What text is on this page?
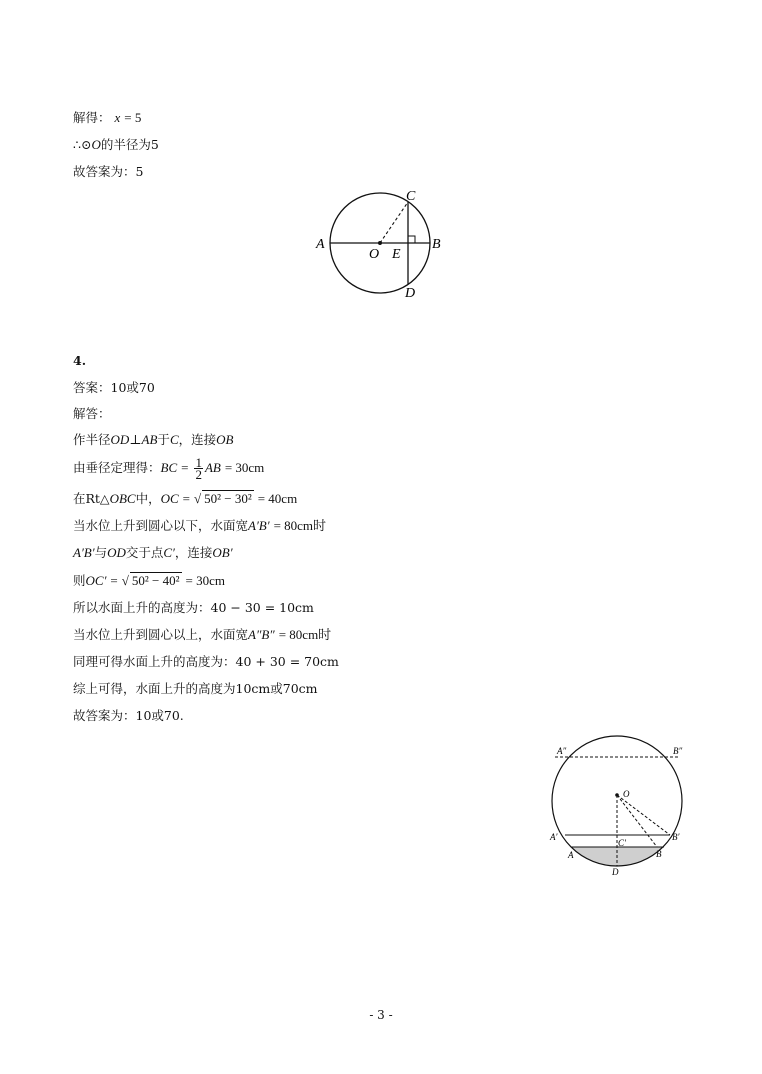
解得： x = 5
∴⊙O的半径为5
故答案为：5
C
A
O E
B
D
4.
答案：10或70
解答：
作半径OD⊥AB于C，连接OB
由垂径定理得：BC = $\frac{1}{2}$ AB = 30cm
在Rt△OBC中，OC = √ 50² − 30² = 40cm
当水位上升到圆心以下，水面宽A′B′ = 80cm时
A′B′与OD交于点C′，连接OB′
则OC′ = √ 50² − 40² = 30cm
所以水面上升的高度为：40 − 30 = 10cm
当水位上升到圆心以上，水面宽A″B″ = 80cm时
同理可得水面上升的高度为：40 + 30 = 70cm
综上可得，水面上升的高度为10cm或70cm
故答案为：10或70.
A″	B″
O
A′	B′
C′
A	B
D
- 3 -
